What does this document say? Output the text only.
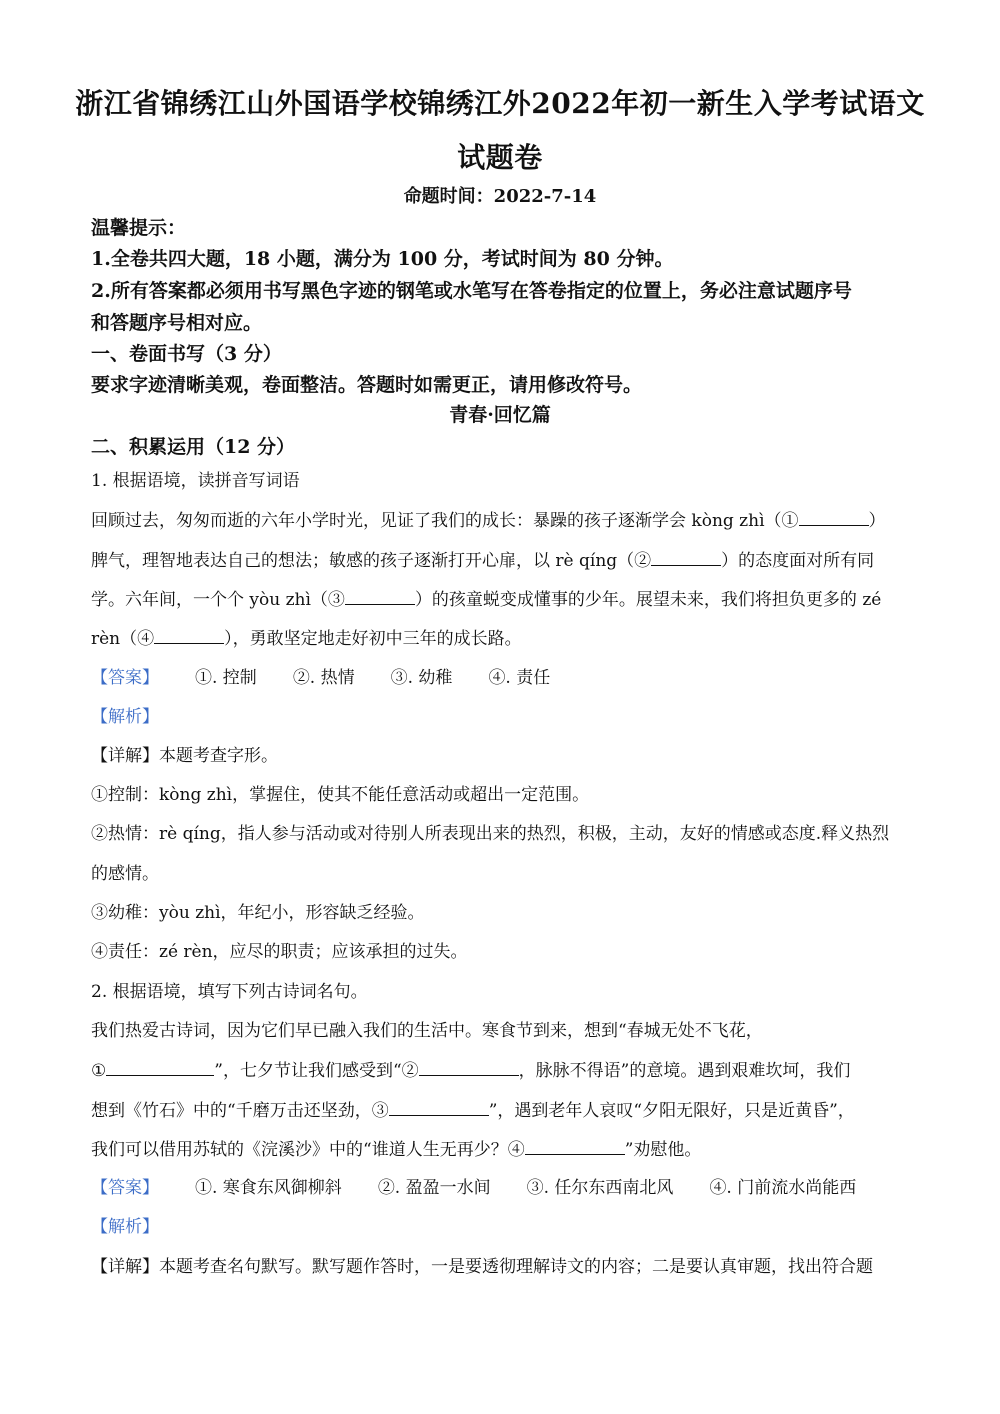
浙江省锦绣江山外国语学校锦绣江外2022年初一新生入学考试语文
试题卷
命题时间：2022-7-14
温馨提示：
1.全卷共四大题，18 小题，满分为 100 分，考试时间为 80 分钟。
2.所有答案都必须用书写黑色字迹的钢笔或水笔写在答卷指定的位置上，务必注意试题序号
和答题序号相对应。
一、卷面书写（3 分）
要求字迹清晰美观，卷面整洁。答题时如需更正，请用修改符号。
青春·回忆篇
二、积累运用（12 分）
1. 根据语境，读拼音写词语
回顾过去，匆匆而逝的六年小学时光，见证了我们的成长：暴躁的孩子逐渐学会 kòng zhì（①	）
脾气，理智地表达自己的想法；敏感的孩子逐渐打开心扉，以 rè qíng（②	）的态度面对所有同
学。六年间，一个个 yòu zhì（③	）的孩童蜕变成懂事的少年。展望未来，我们将担负更多的 zé
rèn（④	），勇敢坚定地走好初中三年的成长路。
【答案】 ①. 控制 ②. 热情 ③. 幼稚 ④. 责任
【解析】
【详解】本题考查字形。
①控制：kòng zhì，掌握住，使其不能任意活动或超出一定范围。
②热情：rè qíng，指人参与活动或对待别人所表现出来的热烈，积极，主动，友好的情感或态度.释义热烈
的感情。
③幼稚：yòu zhì，年纪小，形容缺乏经验。
④责任：zé rèn，应尽的职责；应该承担的过失。
2. 根据语境，填写下列古诗词名句。
我们热爱古诗词，因为它们早已融入我们的生活中。寒食节到来，想到“春城无处不飞花，
①	”，七夕节让我们感受到“②	，脉脉不得语”的意境。遇到艰难坎坷，我们
想到《竹石》中的“千磨万击还坚劲，③	”，遇到老年人哀叹“夕阳无限好，只是近黄昏”，
我们可以借用苏轼的《浣溪沙》中的“谁道人生无再少？④	”劝慰他。
【答案】 ①. 寒食东风御柳斜 ②. 盈盈一水间 ③. 任尔东西南北风 ④. 门前流水尚能西
【解析】
【详解】本题考查名句默写。默写题作答时，一是要透彻理解诗文的内容；二是要认真审题，找出符合题
